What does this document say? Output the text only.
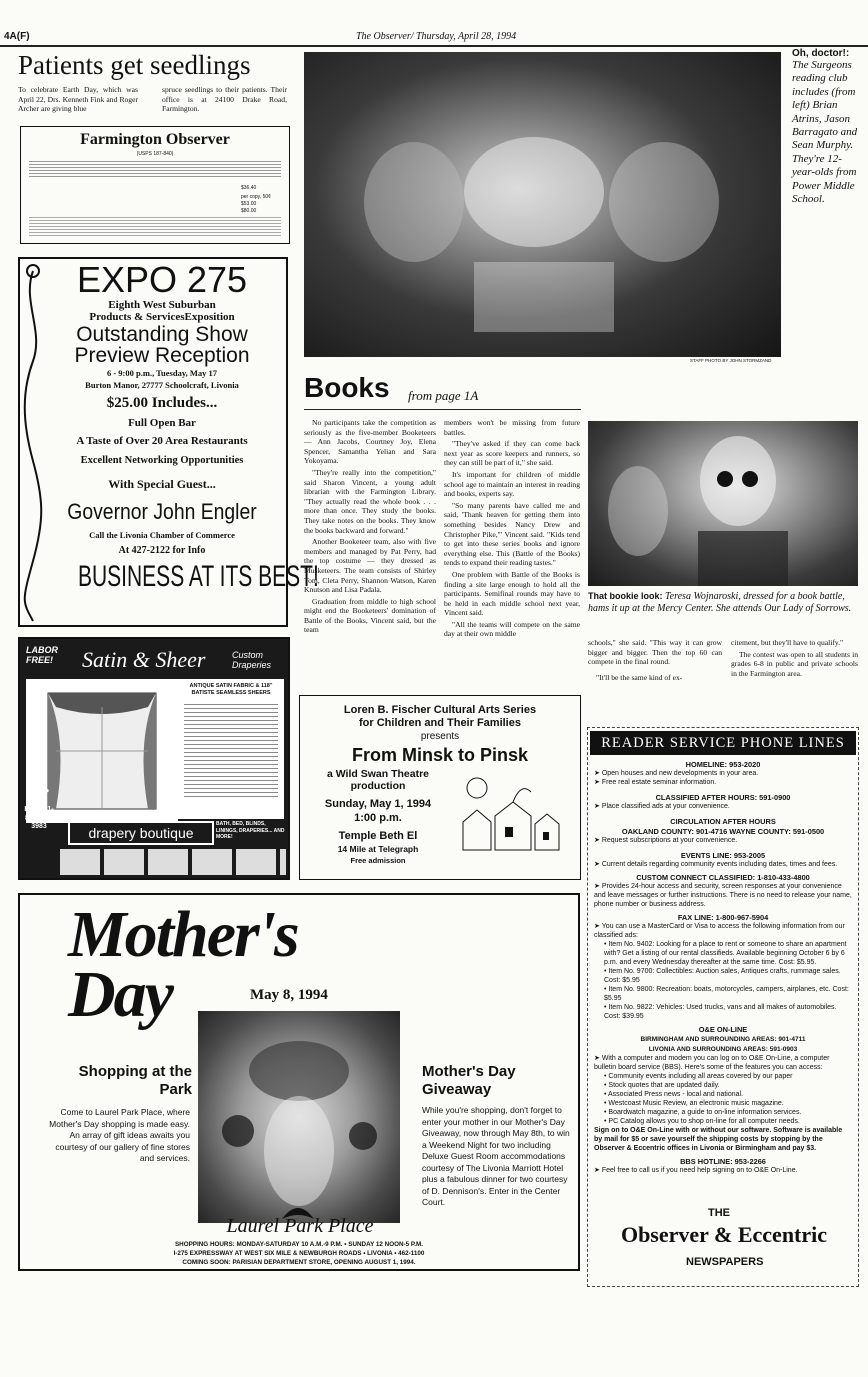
4A(F)	The Observer/ Thursday, April 28, 1994
Patients get seedlings
To celebrate Earth Day, which was April 22, Drs. Kenneth Fink and Roger Archer are giving blue
spruce seedlings to their patients. Their office is at 24100 Drake Road, Farmington.
Farmington Observer
(USPS 187-840)
$36.40
per copy, 50¢
$53.00
$80.00
STAFF PHOTO BY JOHN STORMZAND
Oh, doctor!:
The Surgeons reading club includes (from left) Brian Atrins, Jason Barragato and Sean Murphy. They're 12-year-olds from Power Middle School.
EXPO 275
Eighth West Suburban
Products & ServicesExposition
Outstanding Show
Preview Reception
6 - 9:00 p.m., Tuesday, May 17
Burton Manor, 27777 Schoolcraft, Livonia
$25.00 Includes...
Full Open Bar
A Taste of Over 20 Area Restaurants
Excellent Networking Opportunities
With Special Guest...
Governor John Engler
Call the Livonia Chamber of Commerce
At 427-2122 for Info
BUSINESS AT ITS BEST!
Books from page 1A

No participants take the competition as seriously as the five-member Booketeers — Ann Jacobs, Courtney Joy, Elena Spencer, Samantha Yelian and Sara Yokoyama.

"They're really into the competition," said Sharon Vincent, a young adult librarian with the Farmington Library. "They actually read the whole book . . . more than once. They study the books. They take notes on the books. They know the books backward and forward."

Another Booketeer team, also with five members and managed by Pat Perry, had the top costume — they dressed as Musketeers. The team consists of Shirley Tom, Cleta Perry, Shannon Watson, Karen Knutson and Lisa Padala.

Graduation from middle to high school might end the Booketeers' domination of Battle of the Books, Vincent said, but the team

members won't be missing from future battles.

"They've asked if they can come back next year as score keepers and runners, so they can still be part of it," she said.

It's important for children of middle school age to maintain an interest in reading and books, experts say.

"So many parents have called me and said, 'Thank heaven for getting them into something besides Nancy Drew and Christopher Pike,'" Vincent said. "Kids tend to get into these series books and ignore everything else. This (Battle of the Books) tends to expand their reading tastes."

One problem with Battle of the Books is finding a site large enough to hold all the participants. Semifinal rounds may have to be held in each middle school next year, Vincent said.

"All the teams will compete on the same day at their own middle

That bookie look: Teresa Wojnaroski, dressed for a book battle, hams it up at the Mercy Center. She attends Our Lady of Sorrows.

schools," she said. "This way it can grow bigger and bigger. Then the top 60 can compete in the final round.

"It'll be the same kind of ex-

citement, but they'll have to qualify."

The contest was open to all students in grades 6-8 in public and private schools in the Farmington area.

LABOR FREE!	Satin & Sheer	Custom Draperies
ANTIQUE SATIN FABRIC & 118" BATISTE SEAMLESS SHEERS
SHOP AT HOME 1-800-444-3983	drapery boutique
BATH, BED, BLINDS, LININGS, DRAPERIES... AND MORE!
Loren B. Fischer Cultural Arts Series
for Children and Their Families
presents
From Minsk to Pinsk
a Wild Swan Theatre
production
Sunday, May 1, 1994
1:00 p.m.
Temple Beth El
14 Mile at Telegraph
Free admission
READER SERVICE PHONE LINES
HOMELINE: 953-2020

➤ Open houses and new developments in your area.

➤ Free real estate seminar information.

CLASSIFIED AFTER HOURS: 591-0900

➤ Place classified ads at your convenience.

CIRCULATION AFTER HOURS
OAKLAND COUNTY: 901-4716 WAYNE COUNTY: 591-0500

➤ Request subscriptions at your convenience.

EVENTS LINE: 953-2005

➤ Current details regarding community events including dates, times and fees.

CUSTOM CONNECT CLASSIFIED: 1-810-433-4800

➤ Provides 24-hour access and security, screen responses at your convenience and leave messages or further instructions. There is no need to release your name, phone number or business address.

FAX LINE: 1-800-967-5904

➤ You can use a MasterCard or Visa to access the following information from our classified ads:

• Item No. 9402: Looking for a place to rent or someone to share an apartment with? Get a listing of our rental classifieds. Available beginning October 6 by 6 p.m. and every Wednesday thereafter at the same time. Cost: $5.95.

• Item No. 9700: Collectibles: Auction sales, Antiques crafts, rummage sales. Cost: $5.95

• Item No. 9800: Recreation: boats, motorcycles, campers, airplanes, etc. Cost: $5.95

• Item No. 9822: Vehicles: Used trucks, vans and all makes of automobiles. Cost: $39.95

O&E ON-LINE
BIRMINGHAM AND SURROUNDING AREAS: 901-4711
LIVONIA AND SURROUNDING AREAS: 591-0903

➤ With a computer and modem you can log on to O&E On-Line, a computer bulletin board service (BBS). Here's some of the features you can access:

• Community events including all areas covered by our paper

• Stock quotes that are updated daily.

• Associated Press news - local and national.

• Westcoast Music Review, an electronic music magazine.

• Boardwatch magazine, a guide to on-line information services.

• PC Catalog allows you to shop on-line for all computer needs.

Sign on to O&E On-Line with or without our software. Software is available by mail for $5 or save yourself the shipping costs by stopping by the Observer & Eccentric offices in Livonia or Birmingham and pay $3.

BBS HOTLINE: 953-2266

➤ Feel free to call us if you need help signing on to O&E On-Line.

THE
Observer & Eccentric
NEWSPAPERS
Mother's
Day	May 8, 1994
Shopping at the Park
Come to Laurel Park Place, where Mother's Day shopping is made easy. An array of gift ideas awaits you courtesy of our gallery of fine stores and services.
Mother's Day Giveaway
While you're shopping, don't forget to enter your mother in our Mother's Day Giveaway, now through May 8th, to win a Weekend Night for two including Deluxe Guest Room accommodations courtesy of The Livonia Marriott Hotel plus a fabulous dinner for two courtesy of D. Dennison's. Enter in the Center Court.
Laurel Park Place
SHOPPING HOURS: MONDAY-SATURDAY 10 A.M.-9 P.M. • SUNDAY 12 NOON-5 P.M.
I-275 EXPRESSWAY AT WEST SIX MILE & NEWBURGH ROADS • LIVONIA • 462-1100
COMING SOON: PARISIAN DEPARTMENT STORE, OPENING AUGUST 1, 1994.
